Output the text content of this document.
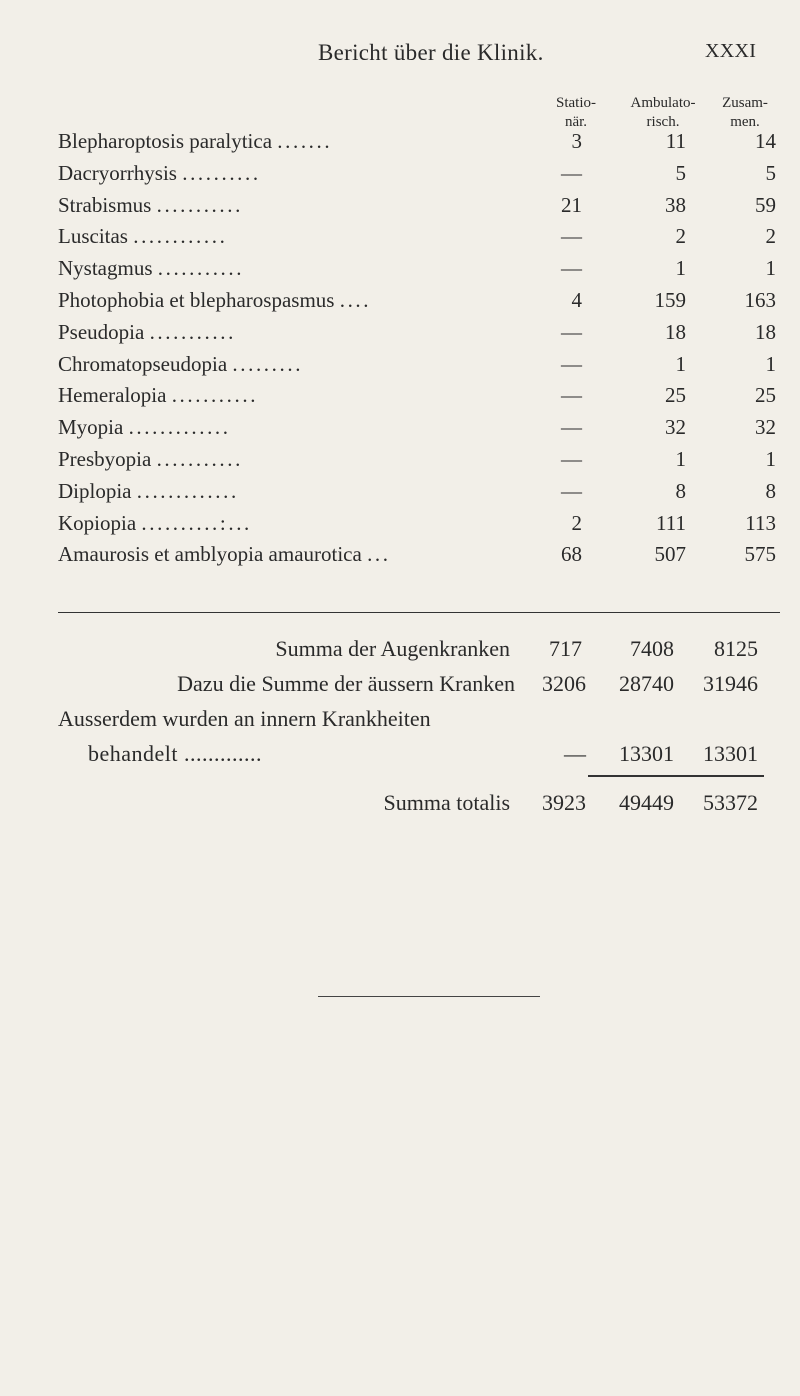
Bericht über die Klinik.	XXXI
Statio-
när.
Ambulato-
risch.
Zusam-
men.
Blepharoptosis paralytica .......	3	11	14
Dacryorrhysis ..........	—	5	5
Strabismus ...........	21	38	59
Luscitas ............	—	2	2
Nystagmus ...........	—	1	1
Photophobia et blepharospasmus ....	4	159	163
Pseudopia ...........	—	18	18
Chromatopseudopia .........	—	1	1
Hemeralopia ...........	—	25	25
Myopia .............	—	32	32
Presbyopia ...........	—	1	1
Diplopia .............	—	8	8
Kopiopia ..........:...	2	111	113
Amaurosis et amblyopia amaurotica ...	68	507	575
Summa der Augenkranken	717	7408	8125
Dazu die Summe der äussern Kranken	3206	28740	31946
Ausserdem wurden an innern Krankheiten
behandelt .............	—	13301	13301
Summa totalis	3923	49449	53372
